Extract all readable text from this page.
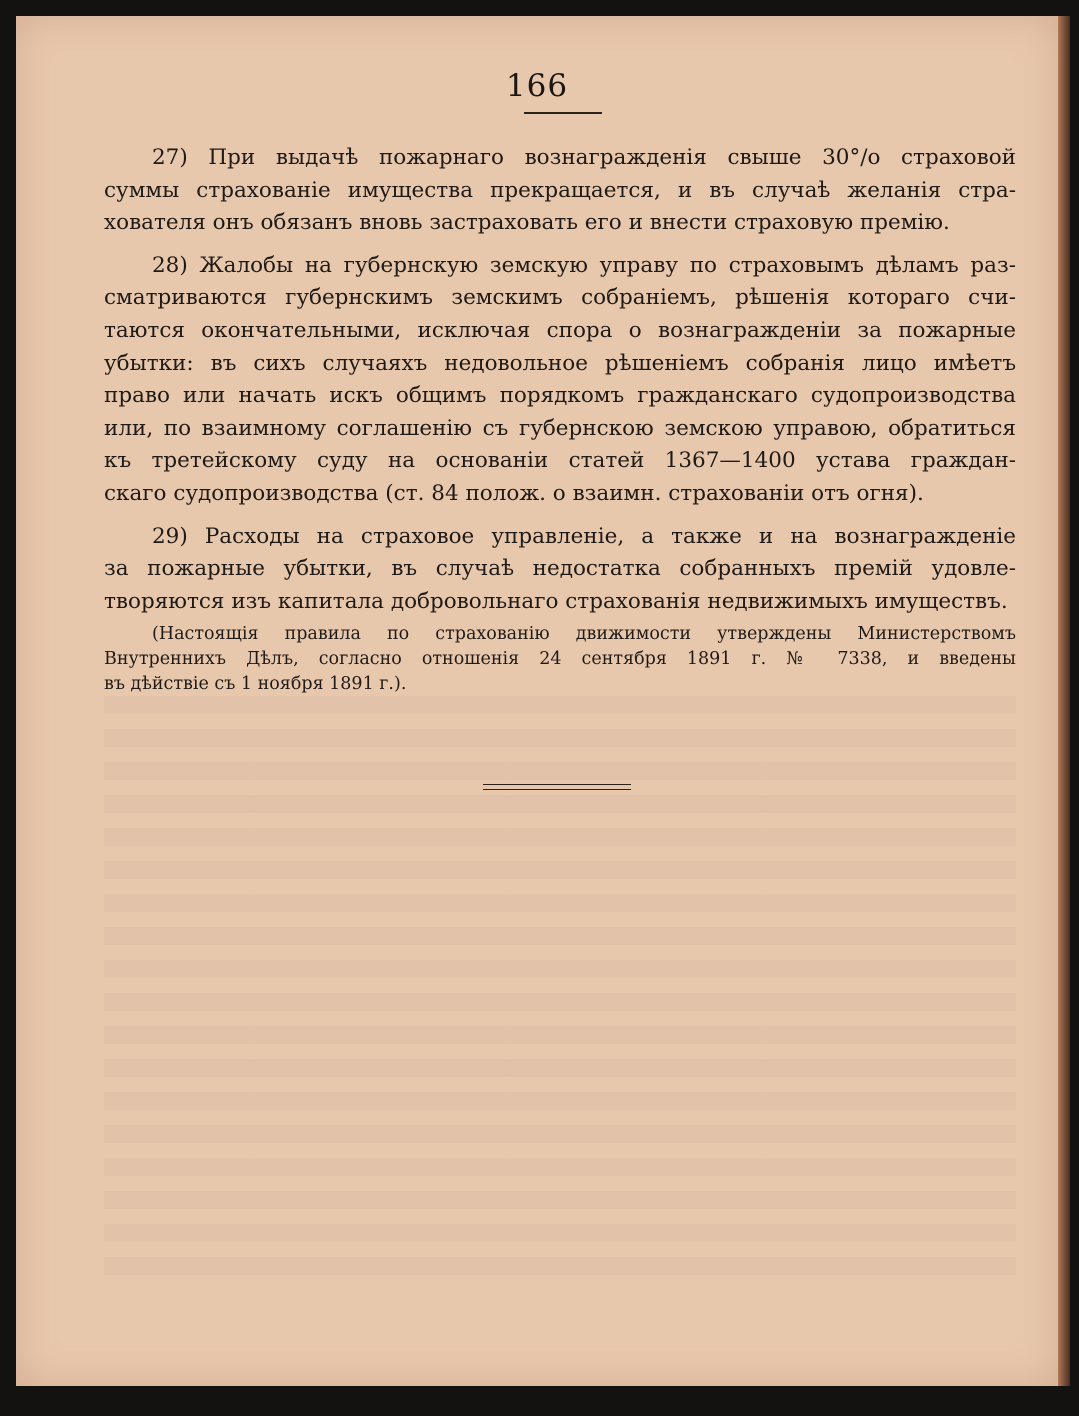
166

27) При выдачѣ пожарнаго вознагражденія свыше 30°/о страховой

суммы страхованіе имущества прекращается, и въ случаѣ желанія стра-

хователя онъ обязанъ вновь застраховать его и внести страховую премію.

28) Жалобы на губернскую земскую управу по страховымъ дѣламъ раз-

сматриваются губернскимъ земскимъ собраніемъ, рѣшенія котораго счи-

таются окончательными, исключая спора о вознагражденіи за пожарные

убытки: въ сихъ случаяхъ недовольное рѣшеніемъ собранія лицо имѣетъ

право или начать искъ общимъ порядкомъ гражданскаго судопроизводства

или, по взаимному соглашенію съ губернскою земскою управою, обратиться

къ третейскому суду на основаніи статей 1367—1400 устава граждан-

скаго судопроизводства (ст. 84 полож. о взаимн. страхованіи отъ огня).

29) Расходы на страховое управленіе, а также и на вознагражденіе

за пожарные убытки, въ случаѣ недостатка собранныхъ премій удовле-

творяются изъ капитала добровольнаго страхованія недвижимыхъ имуществъ.

(Настоящія правила по страхованію движимости утверждены Министерствомъ

Внутреннихъ Дѣлъ, согласно отношенія 24 сентября 1891 г. № 7338, и введены

въ дѣйствіе съ 1 ноября 1891 г.).
